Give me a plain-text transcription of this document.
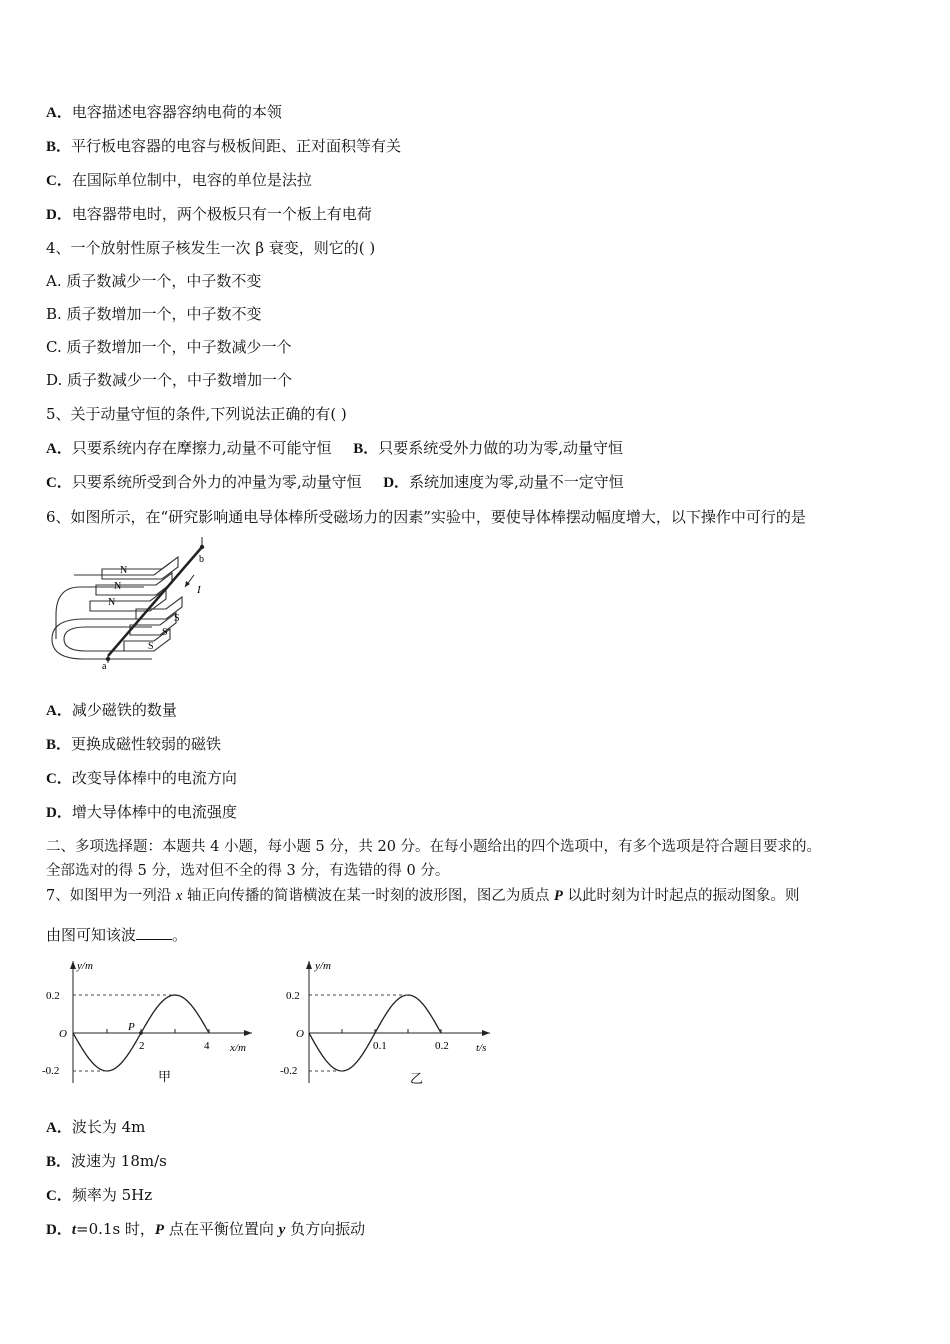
A．电容描述电容器容纳电荷的本领
B．平行板电容器的电容与极板间距、正对面积等有关
C．在国际单位制中，电容的单位是法拉
D．电容器带电时，两个极板只有一个板上有电荷
4、一个放射性原子核发生一次 β 衰变，则它的( )
A. 质子数减少一个，中子数不变
B. 质子数增加一个，中子数不变
C. 质子数增加一个，中子数减少一个
D. 质子数减少一个，中子数增加一个
5、关于动量守恒的条件,下列说法正确的有( )
A．只要系统内存在摩擦力,动量不可能守恒 B．只要系统受外力做的功为零,动量守恒
C．只要系统所受到合外力的冲量为零,动量守恒 D．系统加速度为零,动量不一定守恒
6、如图所示，在“研究影响通电导体棒所受磁场力的因素”实验中，要使导体棒摆动幅度增大，以下操作中可行的是
N
N
N
S
S
S
a
b
I
A．减少磁铁的数量
B．更换成磁性较弱的磁铁
C．改变导体棒中的电流方向
D．增大导体棒中的电流强度
二、多项选择题：本题共 4 小题，每小题 5 分，共 20 分。在每小题给出的四个选项中，有多个选项是符合题目要求的。
全部选对的得 5 分，选对但不全的得 3 分，有选错的得 0 分。
7、如图甲为一列沿 x 轴正向传播的简谐横波在某一时刻的波形图，图乙为质点 P 以此时刻为计时起点的振动图象。则
由图可知该波 。
y/m
x/m
O
0.2
-0.2
2	4
P
甲
y/m
t/s
O
0.2
-0.2
0.1	0.2
乙
A．波长为 4m
B．波速为 18m/s
C．频率为 5Hz
D．t=0.1s 时，P 点在平衡位置向 y 负方向振动
